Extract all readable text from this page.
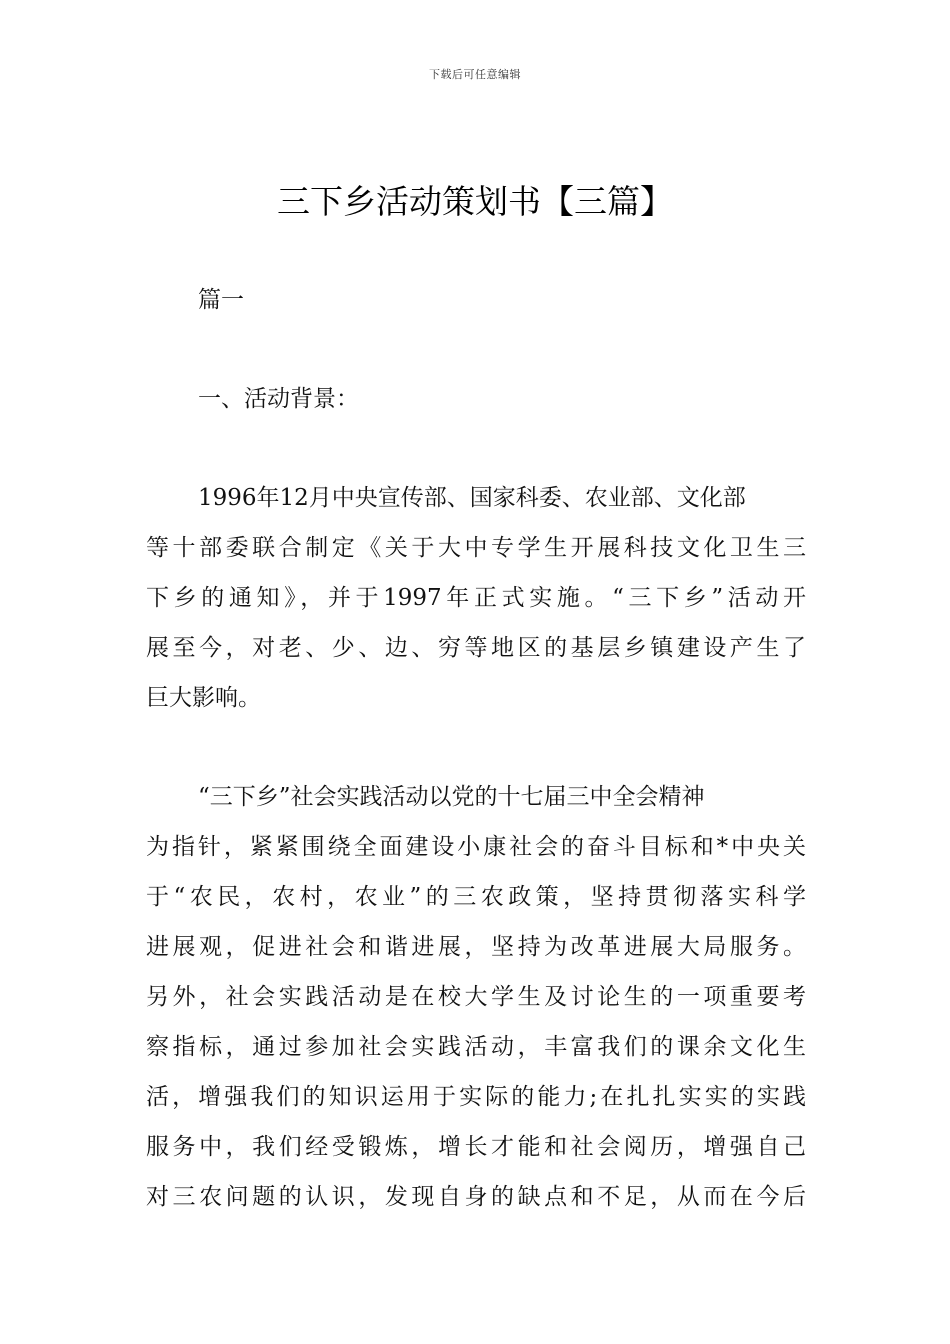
下载后可任意编辑
三下乡活动策划书【三篇】
篇一
一、活动背景：
1996年12月中央宣传部、国家科委、农业部、文化部
等十部委联合制定《关于大中专学生开展科技文化卫生三
下乡的通知》，并于1997年正式实施。“三下乡”活动开
展至今，对老、少、边、穷等地区的基层乡镇建设产生了
巨大影响。
“三下乡”社会实践活动以党的十七届三中全会精神
为指针，紧紧围绕全面建设小康社会的奋斗目标和*中央关
于“农民，农村，农业”的三农政策，坚持贯彻落实科学
进展观，促进社会和谐进展，坚持为改革进展大局服务。
另外，社会实践活动是在校大学生及讨论生的一项重要考
察指标，通过参加社会实践活动，丰富我们的课余文化生
活，增强我们的知识运用于实际的能力;在扎扎实实的实践
服务中，我们经受锻炼，增长才能和社会阅历，增强自己
对三农问题的认识，发现自身的缺点和不足，从而在今后
